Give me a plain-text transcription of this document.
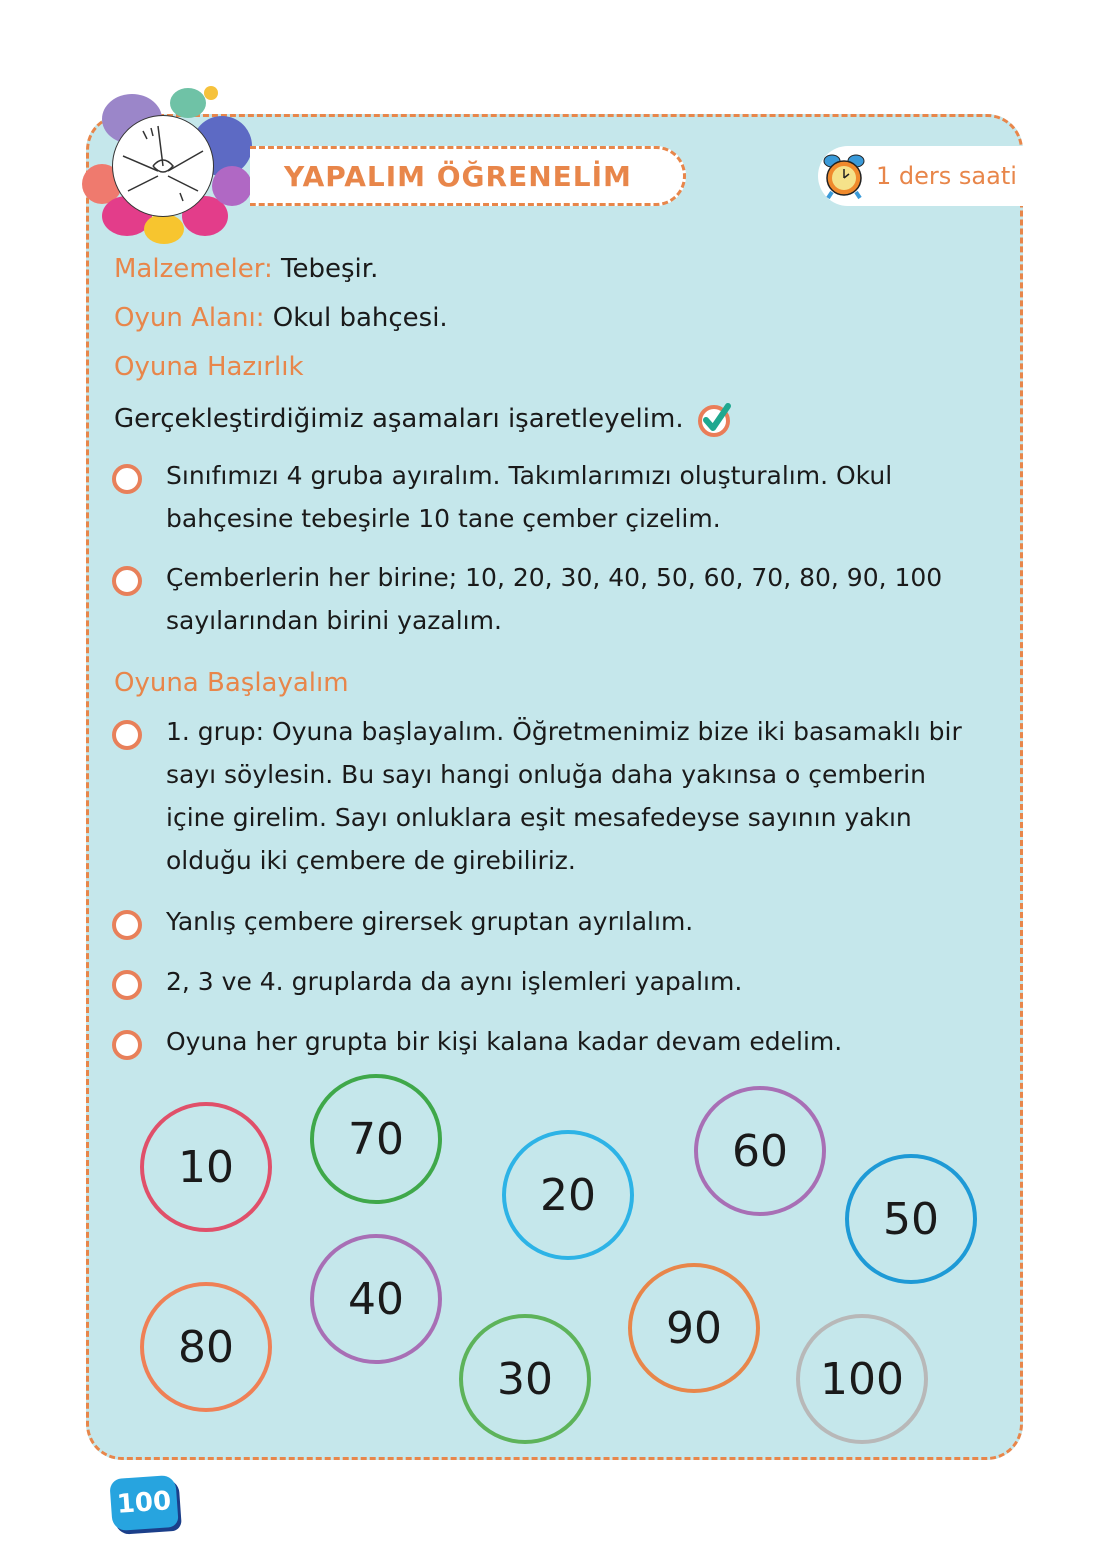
YAPALIM ÖĞRENELİM	1 ders saati
Malzemeler: Tebeşir.
Oyun Alanı: Okul bahçesi.
Oyuna Hazırlık
Gerçekleştirdiğimiz aşamaları işaretleyelim.
Sınıfımızı 4 gruba ayıralım. Takımlarımızı oluşturalım. Okul bahçesine tebeşirle 10 tane çember çizelim.
Çemberlerin her birine; 10, 20, 30, 40, 50, 60, 70, 80, 90, 100 sayılarından birini yazalım.
Oyuna Başlayalım
1. grup: Oyuna başlayalım. Öğretmenimiz bize iki basamaklı bir sayı söylesin. Bu sayı hangi onluğa daha yakınsa o çemberin içine girelim. Sayı onluklara eşit mesafedeyse sayının yakın olduğu iki çembere de girebiliriz.
Yanlış çembere girersek gruptan ayrılalım.
2, 3 ve 4. gruplarda da aynı işlemleri yapalım.
Oyuna her grupta bir kişi kalana kadar devam edelim.
10
70
20
60
50
80
40
30
90
100
100
